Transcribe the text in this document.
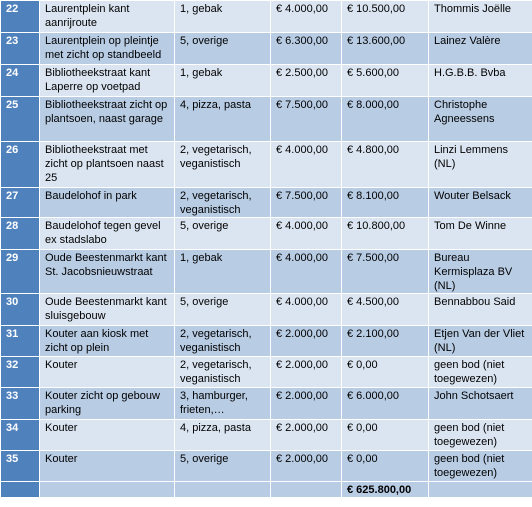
22	Laurentplein kant aanrijroute	1, gebak	€ 4.000,00	€ 10.500,00	Thommis Joëlle
23	Laurentplein op pleintje met zicht op standbeeld	5, overige	€ 6.300,00	€ 13.600,00	Lainez Valère
24	Bibliotheekstraat kant Laperre op voetpad	1, gebak	€ 2.500,00	€ 5.600,00	H.G.B.B. Bvba
25	Bibliotheekstraat zicht op plantsoen, naast garage	4, pizza, pasta	€ 7.500,00	€ 8.000,00	Christophe Agneessens
26	Bibliotheekstraat met zicht op plantsoen naast 25	2, vegetarisch, veganistisch	€ 4.000,00	€ 4.800,00	Linzi Lemmens (NL)
27	Baudelohof in park	2, vegetarisch, veganistisch	€ 7.500,00	€ 8.100,00	Wouter Belsack
28	Baudelohof tegen gevel ex stadslabo	5, overige	€ 4.000,00	€ 10.800,00	Tom De Winne
29	Oude Beestenmarkt kant St. Jacobsnieuwstraat	1, gebak	€ 4.000,00	€ 7.500,00	Bureau Kermisplaza BV (NL)
30	Oude Beestenmarkt kant sluisgebouw	5, overige	€ 4.000,00	€ 4.500,00	Bennabbou Said
31	Kouter aan kiosk met zicht op plein	2, vegetarisch, veganistisch	€ 2.000,00	€ 2.100,00	Etjen Van der Vliet (NL)
32	Kouter	2, vegetarisch, veganistisch	€ 2.000,00	€ 0,00	geen bod (niet toegewezen)
33	Kouter zicht op gebouw parking	3, hamburger, frieten,…	€ 2.000,00	€ 6.000,00	John Schotsaert
34	Kouter	4, pizza, pasta	€ 2.000,00	€ 0,00	geen bod (niet toegewezen)
35	Kouter	5, overige	€ 2.000,00	€ 0,00	geen bod (niet toegewezen)
				€ 625.800,00	
